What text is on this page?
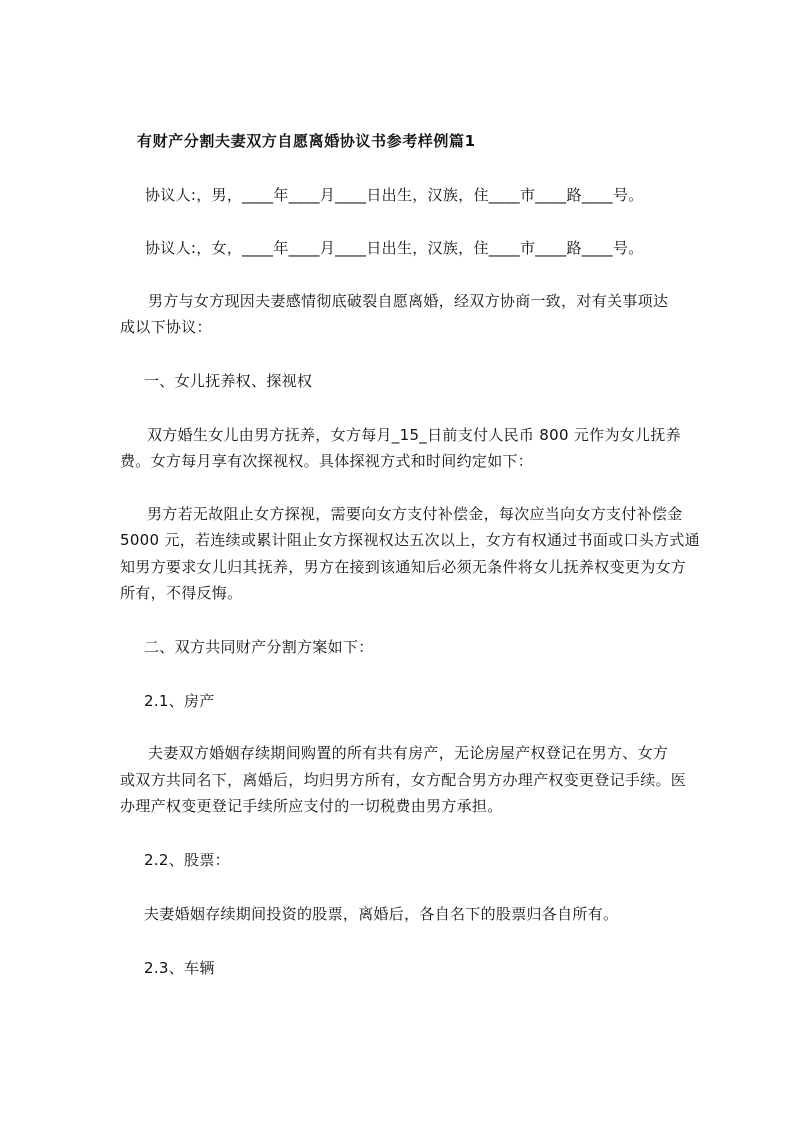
有财产分割夫妻双方自愿离婚协议书参考样例篇1
协议人:，男，____年____月____日出生，汉族，住____市____路____号。
协议人:，女，____年____月____日出生，汉族，住____市____路____号。
男方与女方现因夫妻感情彻底破裂自愿离婚，经双方协商一致，对有关事项达
成以下协议：
一、女儿抚养权、探视权
双方婚生女儿由男方抚养，女方每月_15_日前支付人民币 800 元作为女儿抚养
费。女方每月享有次探视权。具体探视方式和时间约定如下：
男方若无故阻止女方探视，需要向女方支付补偿金，每次应当向女方支付补偿金
5000 元，若连续或累计阻止女方探视权达五次以上，女方有权通过书面或口头方式通
知男方要求女儿归其抚养，男方在接到该通知后必须无条件将女儿抚养权变更为女方
所有，不得反悔。
二、双方共同财产分割方案如下：
2.1、房产
夫妻双方婚姻存续期间购置的所有共有房产，无论房屋产权登记在男方、女方
或双方共同名下，离婚后，均归男方所有，女方配合男方办理产权变更登记手续。医
办理产权变更登记手续所应支付的一切税费由男方承担。
2.2、股票：
夫妻婚姻存续期间投资的股票，离婚后，各自名下的股票归各自所有。
2.3、车辆
